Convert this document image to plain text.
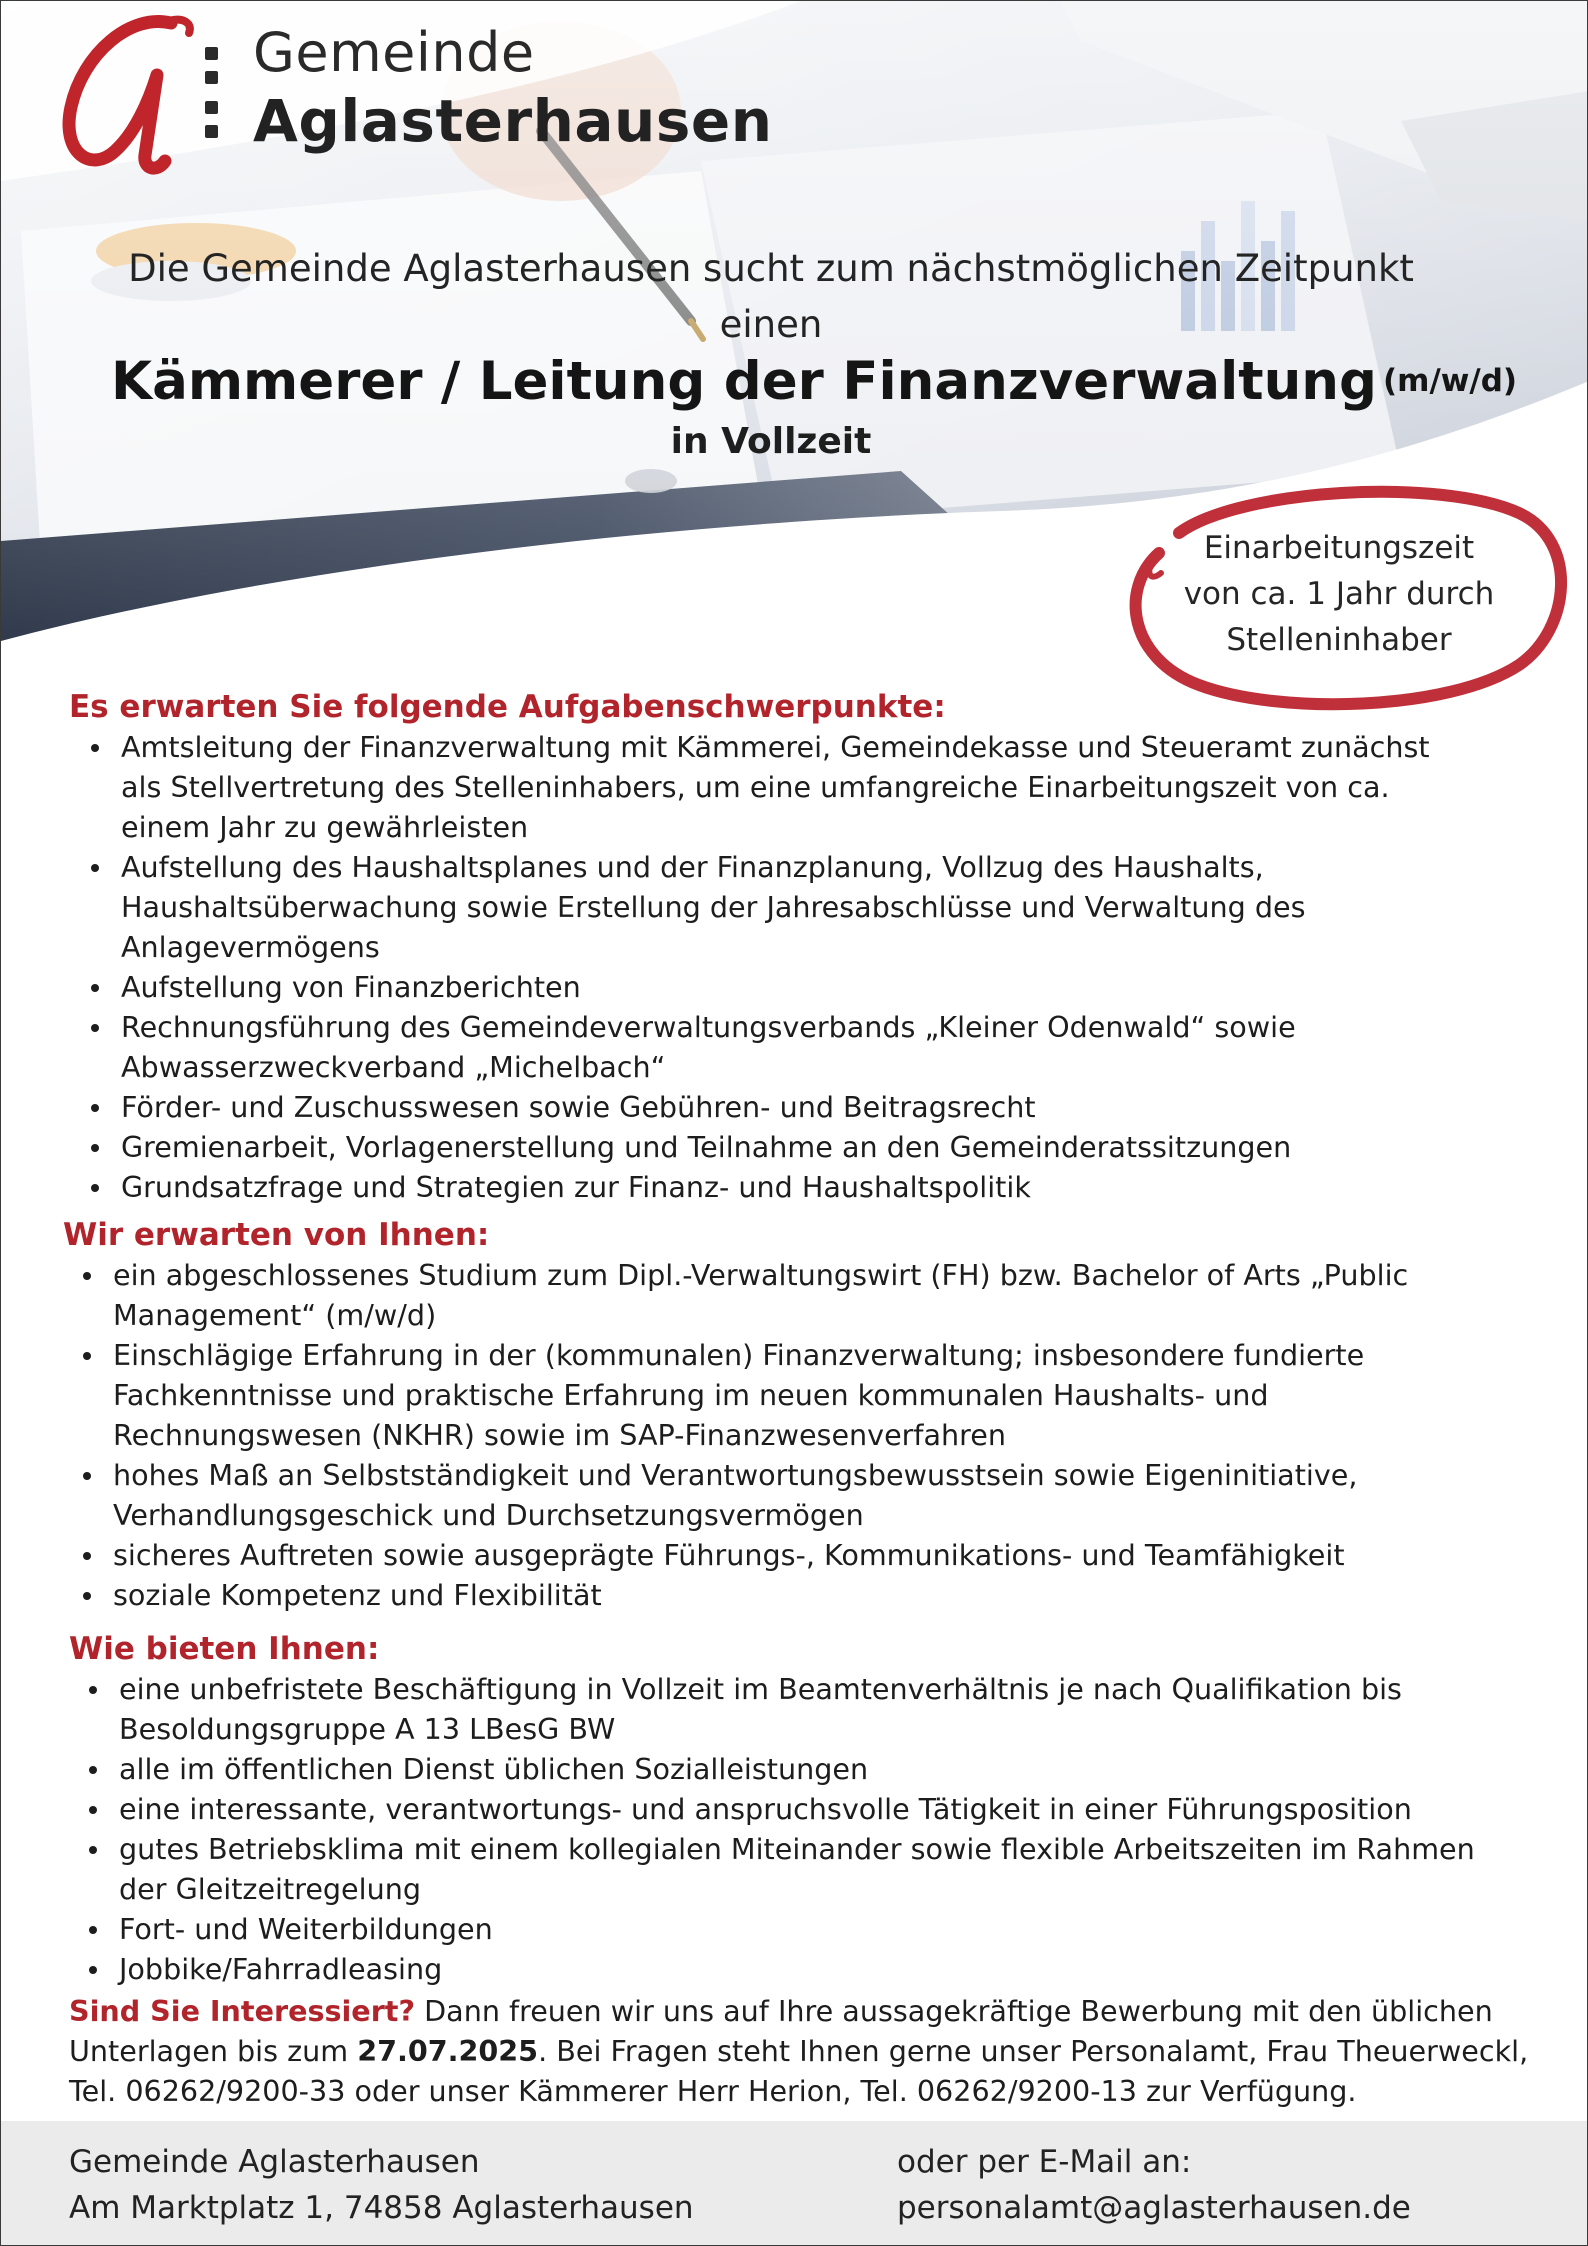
Gemeinde
Aglasterhausen
Die Gemeinde Aglasterhausen sucht zum nächstmöglichen Zeitpunkt
einen
Kämmerer / Leitung der Finanzverwaltung (m/w/d)
in Vollzeit
Einarbeitungszeit
von ca. 1 Jahr durch
Stelleninhaber
Es erwarten Sie folgende Aufgabenschwerpunkte:
Amtsleitung der Finanzverwaltung mit Kämmerei, Gemeindekasse und Steueramt zunächst
als Stellvertretung des Stelleninhabers, um eine umfangreiche Einarbeitungszeit von ca.
einem Jahr zu gewährleisten
Aufstellung des Haushaltsplanes und der Finanzplanung, Vollzug des Haushalts,
Haushaltsüberwachung sowie Erstellung der Jahresabschlüsse und Verwaltung des
Anlagevermögens
Aufstellung von Finanzberichten
Rechnungsführung des Gemeindeverwaltungsverbands „Kleiner Odenwald“ sowie
Abwasserzweckverband „Michelbach“
Förder- und Zuschusswesen sowie Gebühren- und Beitragsrecht
Gremienarbeit, Vorlagenerstellung und Teilnahme an den Gemeinderatssitzungen
Grundsatzfrage und Strategien zur Finanz- und Haushaltspolitik
Wir erwarten von Ihnen:
ein abgeschlossenes Studium zum Dipl.-Verwaltungswirt (FH) bzw. Bachelor of Arts „Public
Management“ (m/w/d)
Einschlägige Erfahrung in der (kommunalen) Finanzverwaltung; insbesondere fundierte
Fachkenntnisse und praktische Erfahrung im neuen kommunalen Haushalts- und
Rechnungswesen (NKHR) sowie im SAP-Finanzwesenverfahren
hohes Maß an Selbstständigkeit und Verantwortungsbewusstsein sowie Eigeninitiative,
Verhandlungsgeschick und Durchsetzungsvermögen
sicheres Auftreten sowie ausgeprägte Führungs-, Kommunikations- und Teamfähigkeit
soziale Kompetenz und Flexibilität
Wie bieten Ihnen:
eine unbefristete Beschäftigung in Vollzeit im Beamtenverhältnis je nach Qualifikation bis
Besoldungsgruppe A 13 LBesG BW
alle im öffentlichen Dienst üblichen Sozialleistungen
eine interessante, verantwortungs- und anspruchsvolle Tätigkeit in einer Führungsposition
gutes Betriebsklima mit einem kollegialen Miteinander sowie flexible Arbeitszeiten im Rahmen
der Gleitzeitregelung
Fort- und Weiterbildungen
Jobbike/Fahrradleasing
Sind Sie Interessiert? Dann freuen wir uns auf Ihre aussagekräftige Bewerbung mit den üblichen
Unterlagen bis zum 27.07.2025. Bei Fragen steht Ihnen gerne unser Personalamt, Frau Theuerweckl,
Tel. 06262/9200-33 oder unser Kämmerer Herr Herion, Tel. 06262/9200-13 zur Verfügung.
Gemeinde Aglasterhausen
Am Marktplatz 1, 74858 Aglasterhausen
oder per E-Mail an:
personalamt@aglasterhausen.de
